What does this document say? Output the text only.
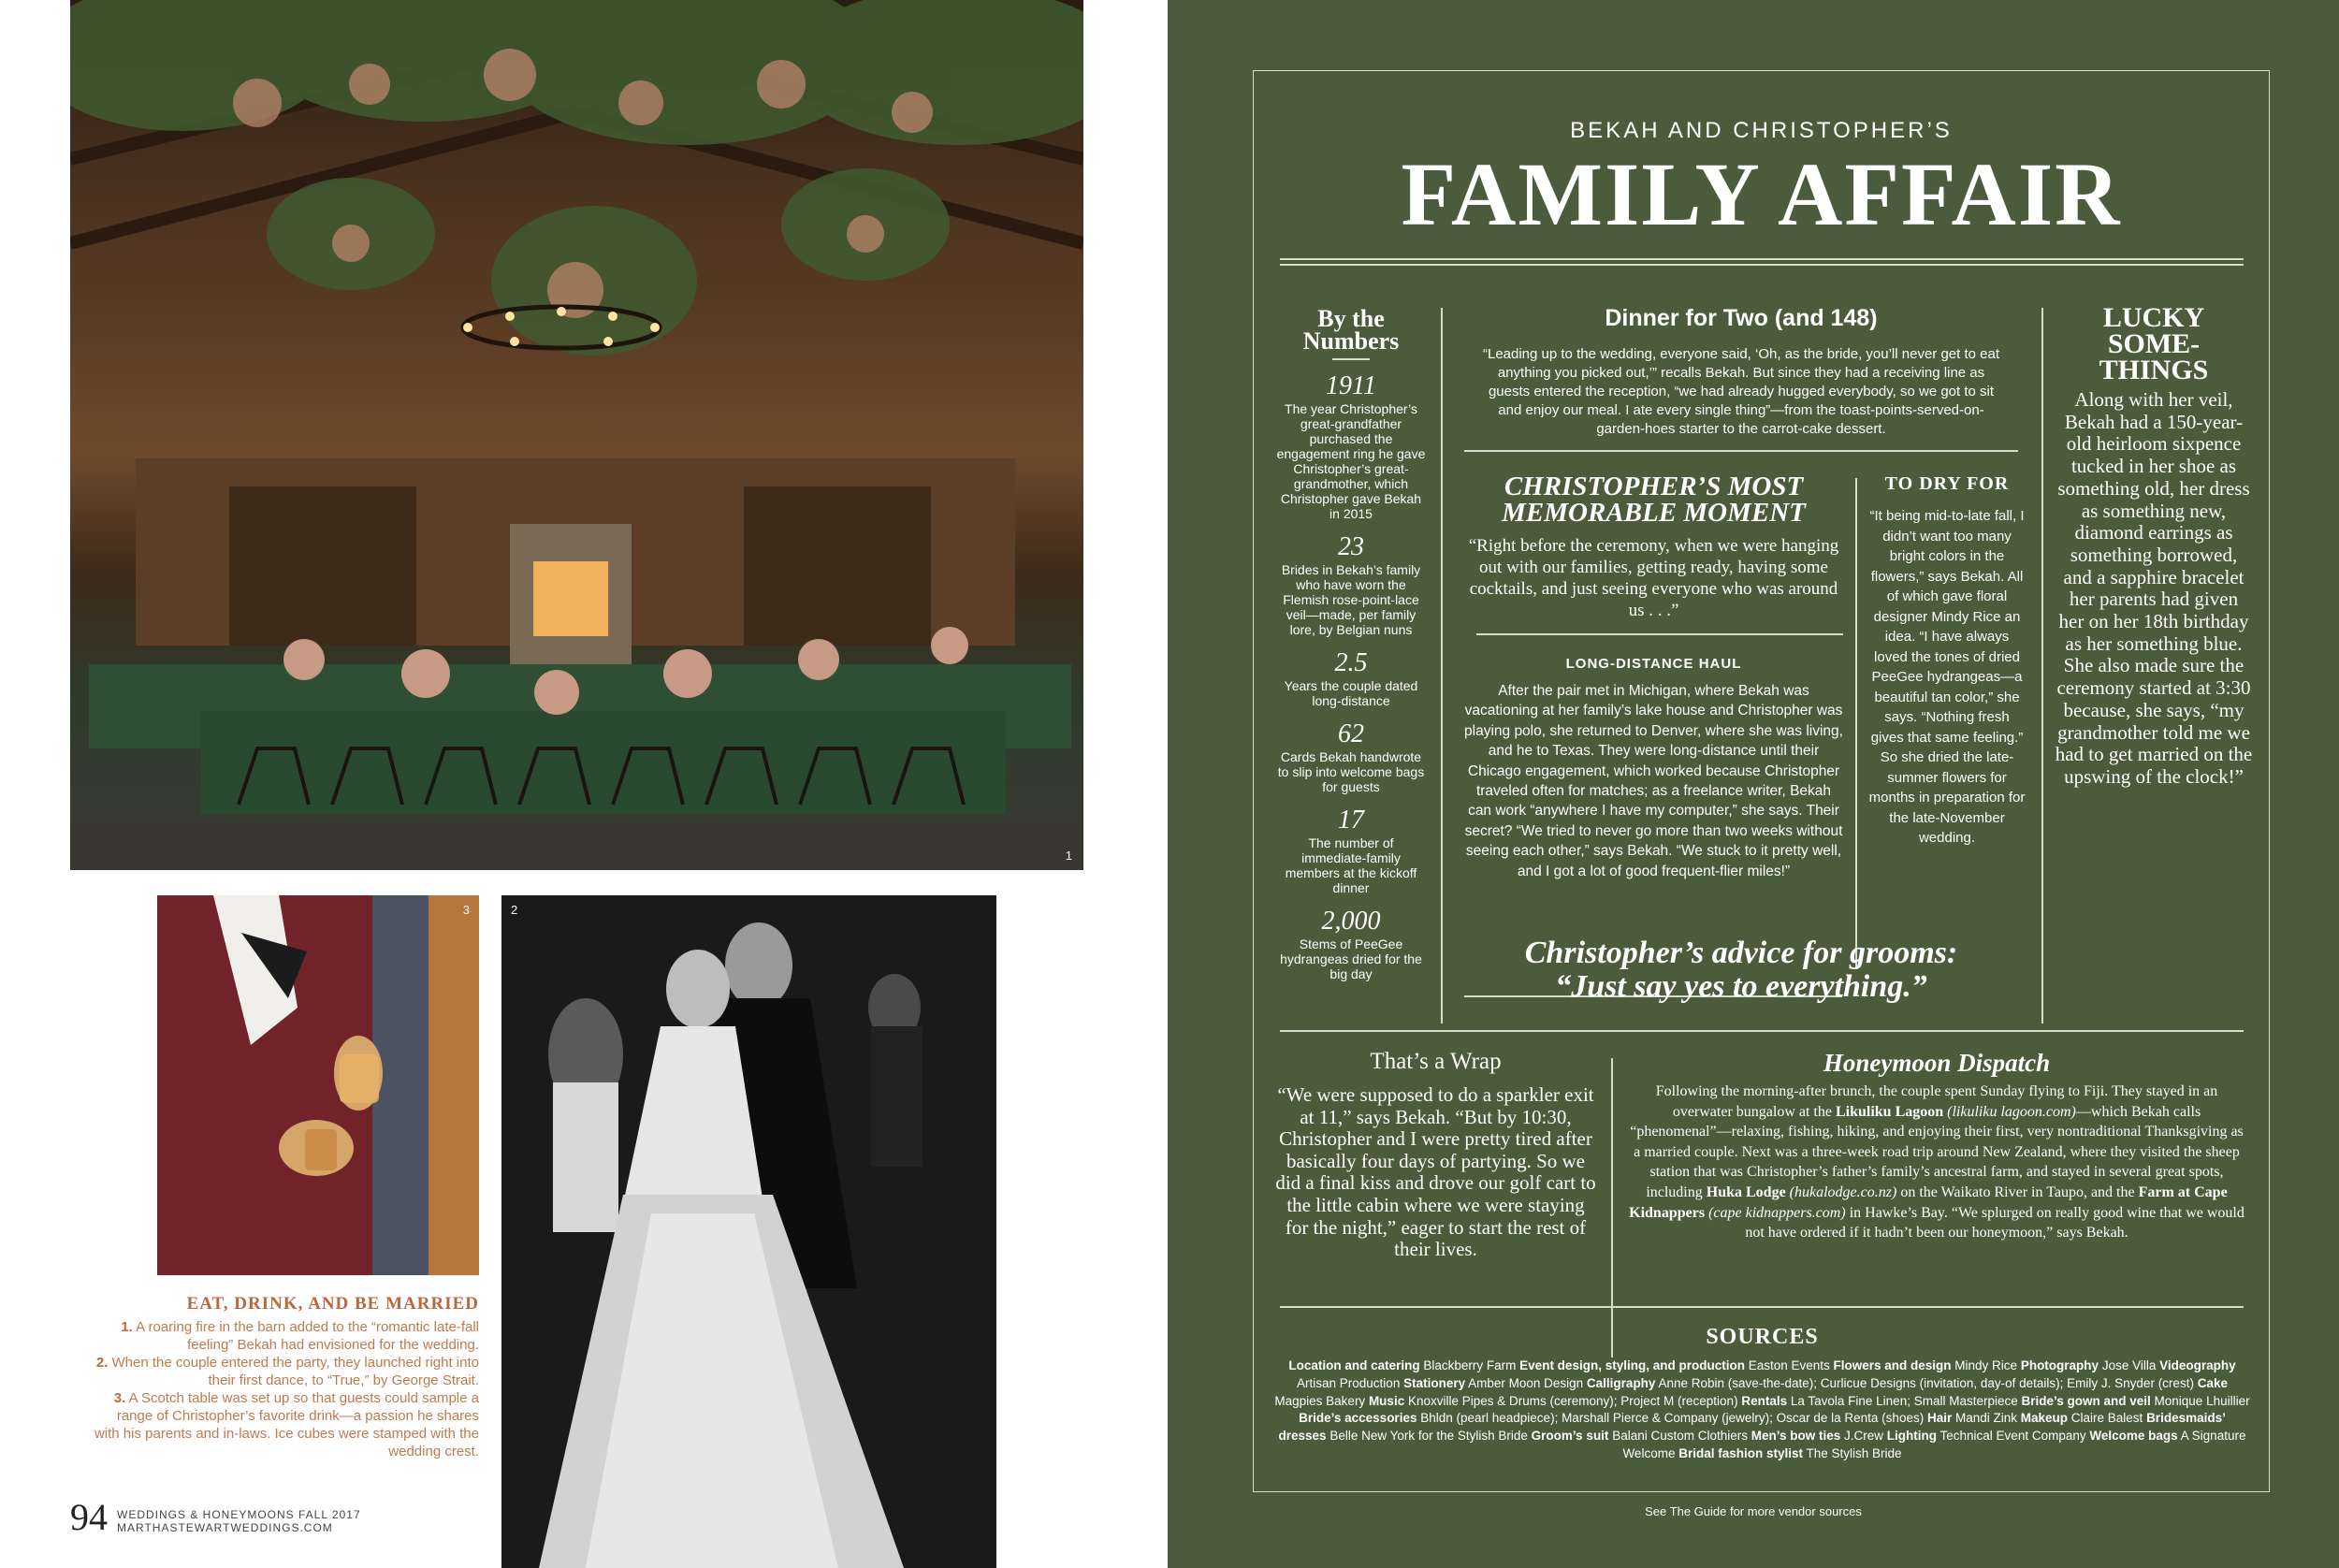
1
3	2
EAT, DRINK, AND BE MARRIED

1. A roaring fire in the barn added to the “romantic late-fall feeling” Bekah had envisioned for the wedding.

2. When the couple entered the party, they launched right into their first dance, to “True,” by George Strait.

3. A Scotch table was set up so that guests could sample a range of Christopher’s favorite drink—a passion he shares with his parents and in-laws. Ice cubes were stamped with the wedding crest.

94 WEDDINGS & HONEYMOONS FALL 2017
MARTHASTEWARTWEDDINGS.COM
BEKAH AND CHRISTOPHER’S
FAMILY AFFAIR
By the
Numbers
1911
The year Christopher’s great-grandfather purchased the engagement ring he gave Christopher’s great-grandmother, which Christopher gave Bekah in 2015
23
Brides in Bekah’s family who have worn the Flemish rose-point-lace veil—made, per family lore, by Belgian nuns
2.5
Years the couple dated long-distance
62
Cards Bekah handwrote to slip into welcome bags for guests
17
The number of immediate-family members at the kickoff dinner
2,000
Stems of PeeGee hydrangeas dried for the big day
Dinner for Two (and 148)
“Leading up to the wedding, everyone said, ‘Oh, as the bride, you’ll never get to eat anything you picked out,’” recalls Bekah. But since they had a receiving line as guests entered the reception, “we had already hugged everybody, so we got to sit and enjoy our meal. I ate every single thing”—from the toast-points-served-on-garden-hoes starter to the carrot-cake dessert.
CHRISTOPHER’S MOST
MEMORABLE MOMENT
“Right before the ceremony, when we were hanging out with our families, getting ready, having some cocktails, and just seeing everyone who was around us . . .”
LONG-DISTANCE HAUL
After the pair met in Michigan, where Bekah was vacationing at her family’s lake house and Christopher was playing polo, she returned to Denver, where she was living, and he to Texas. They were long-distance until their Chicago engagement, which worked because Christopher traveled often for matches; as a freelance writer, Bekah can work “anywhere I have my computer,” she says. Their secret? “We tried to never go more than two weeks without seeing each other,” says Bekah. “We stuck to it pretty well, and I got a lot of good frequent-flier miles!”
TO DRY FOR
“It being mid-to-late fall, I didn’t want too many bright colors in the flowers,” says Bekah. All of which gave floral designer Mindy Rice an idea. “I have always loved the tones of dried PeeGee hydrangeas—a beautiful tan color,” she says. “Nothing fresh gives that same feeling.” So she dried the late-summer flowers for months in preparation for the late-November wedding.
Christopher’s advice for grooms:
“Just say yes to everything.”
LUCKY
SOME-
THINGS
Along with her veil, Bekah had a 150-year-old heirloom sixpence tucked in her shoe as something old, her dress as something new, diamond earrings as something borrowed, and a sapphire bracelet her parents had given her on her 18th birthday as her something blue. She also made sure the ceremony started at 3:30 because, she says, “my grandmother told me we had to get married on the upswing of the clock!”
That’s a Wrap
“We were supposed to do a sparkler exit at 11,” says Bekah. “But by 10:30, Christopher and I were pretty tired after basically four days of partying. So we did a final kiss and drove our golf cart to the little cabin where we were staying for the night,” eager to start the rest of their lives.
Honeymoon Dispatch
Following the morning-after brunch, the couple spent Sunday flying to Fiji. They stayed in an overwater bungalow at the Likuliku Lagoon (likuliku lagoon.com)—which Bekah calls “phenomenal”—relaxing, fishing, hiking, and enjoying their first, very nontraditional Thanksgiving as a married couple. Next was a three-week road trip around New Zealand, where they visited the sheep station that was Christopher’s father’s family’s ancestral farm, and stayed in several great spots, including Huka Lodge (hukalodge.co.nz) on the Waikato River in Taupo, and the Farm at Cape Kidnappers (cape kidnappers.com) in Hawke’s Bay. “We splurged on really good wine that we would not have ordered if it hadn’t been our honeymoon,” says Bekah.
SOURCES
Location and catering Blackberry Farm Event design, styling, and production Easton Events Flowers and design Mindy Rice Photography Jose Villa Videography Artisan Production Stationery Amber Moon Design Calligraphy Anne Robin (save-the-date); Curlicue Designs (invitation, day-of details); Emily J. Snyder (crest) Cake Magpies Bakery Music Knoxville Pipes & Drums (ceremony); Project M (reception) Rentals La Tavola Fine Linen; Small Masterpiece Bride’s gown and veil Monique Lhuillier Bride’s accessories Bhldn (pearl headpiece); Marshall Pierce & Company (jewelry); Oscar de la Renta (shoes) Hair Mandi Zink Makeup Claire Balest Bridesmaids’ dresses Belle New York for the Stylish Bride Groom’s suit Balani Custom Clothiers Men’s bow ties J.Crew Lighting Technical Event Company Welcome bags A Signature Welcome Bridal fashion stylist The Stylish Bride
See The Guide for more vendor sources
